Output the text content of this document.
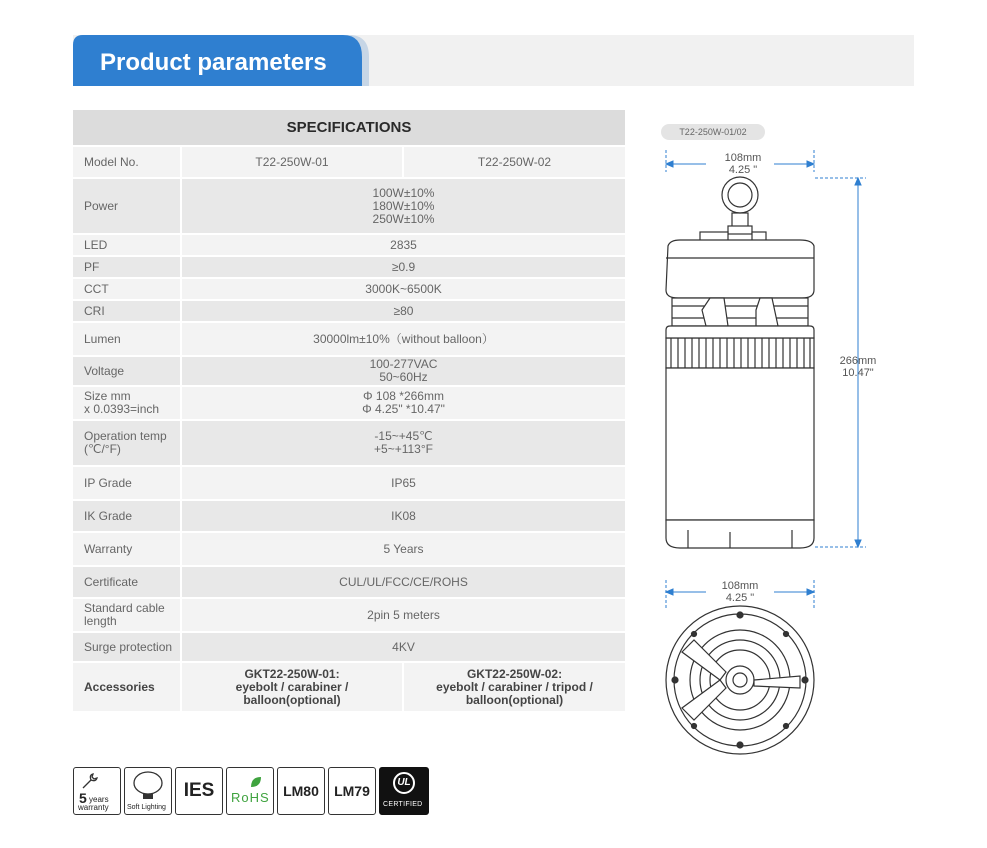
Product parameters
SPECIFICATIONS		

Model No.	T22-250W-01	T22-250W-02

Power	100W±10%
180W±10%
250W±10%	

LED	2835	

PF	≥0.9	

CCT	3000K~6500K	

CRI	≥80	

Lumen	30000lm±10%（without balloon）	

Voltage	100-277VAC
50~60Hz	

Size mm
x 0.0393=inch	Φ 108 *266mm
Φ 4.25" *10.47"	

Operation temp
(℃/°F)	-15~+45℃
+5~+113°F	

IP Grade	IP65	

IK Grade	IK08	

Warranty	5 Years	

Certificate	CUL/UL/FCC/CE/ROHS	

Standard cable
length	2pin 5 meters	

Surge protection	4KV	

Accessories	GKT22-250W-01:
eyebolt / carabiner /
balloon(optional)	GKT22-250W-02:
eyebolt / carabiner / tripod /
balloon(optional)
T22-250W-01/02
108mm
4.25 "
266mm
10.47"
108mm
4.25 "
5 years
warranty	Soft Lighting
IES	RoHS LM80	LM79
UL
CERTIFIED
